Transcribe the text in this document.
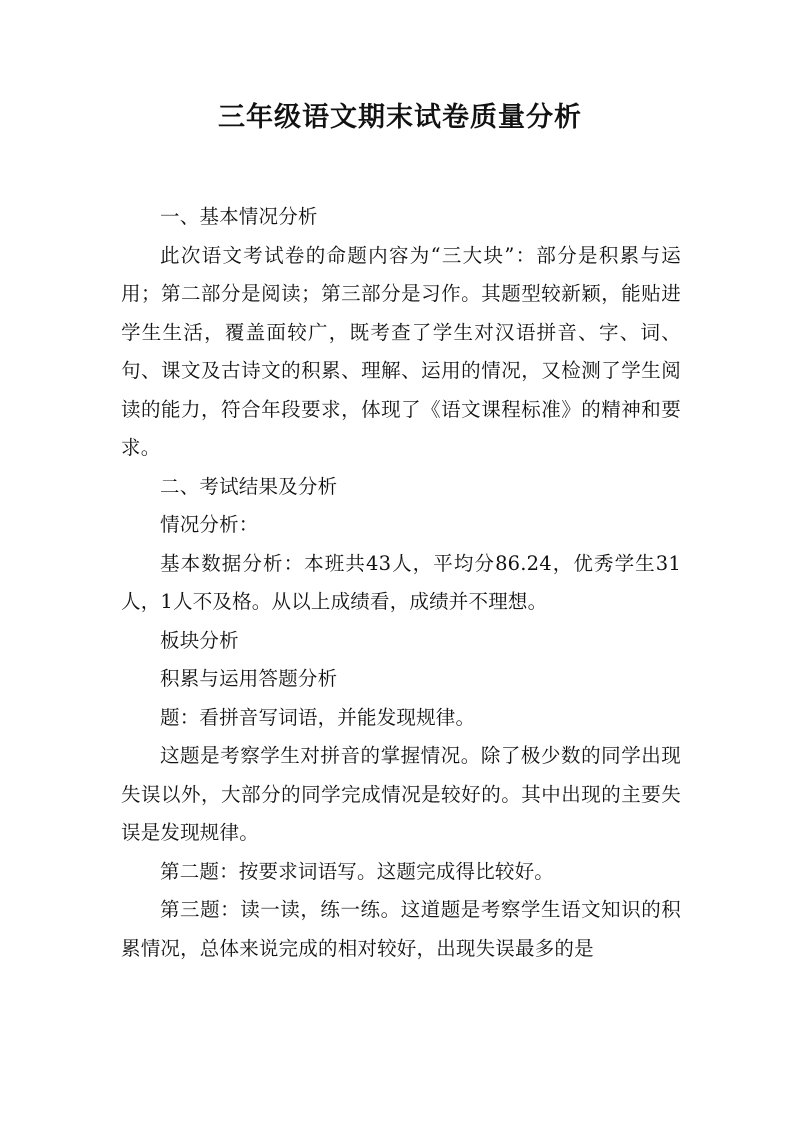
三年级语文期末试卷质量分析

一、基本情况分析

此次语文考试卷的命题内容为“三大块”：部分是积累与运用；第二部分是阅读；第三部分是习作。其题型较新颖，能贴进学生生活，覆盖面较广，既考查了学生对汉语拼音、字、词、句、课文及古诗文的积累、理解、运用的情况，又检测了学生阅读的能力，符合年段要求，体现了《语文课程标准》的精神和要求。

二、考试结果及分析

情况分析：

基本数据分析：本班共43人，平均分86.24，优秀学生31人，1人不及格。从以上成绩看，成绩并不理想。

板块分析

积累与运用答题分析

题：看拼音写词语，并能发现规律。

这题是考察学生对拼音的掌握情况。除了极少数的同学出现失误以外，大部分的同学完成情况是较好的。其中出现的主要失误是发现规律。

第二题：按要求词语写。这题完成得比较好。

第三题：读一读，练一练。这道题是考察学生语文知识的积累情况，总体来说完成的相对较好，出现失误最多的是
